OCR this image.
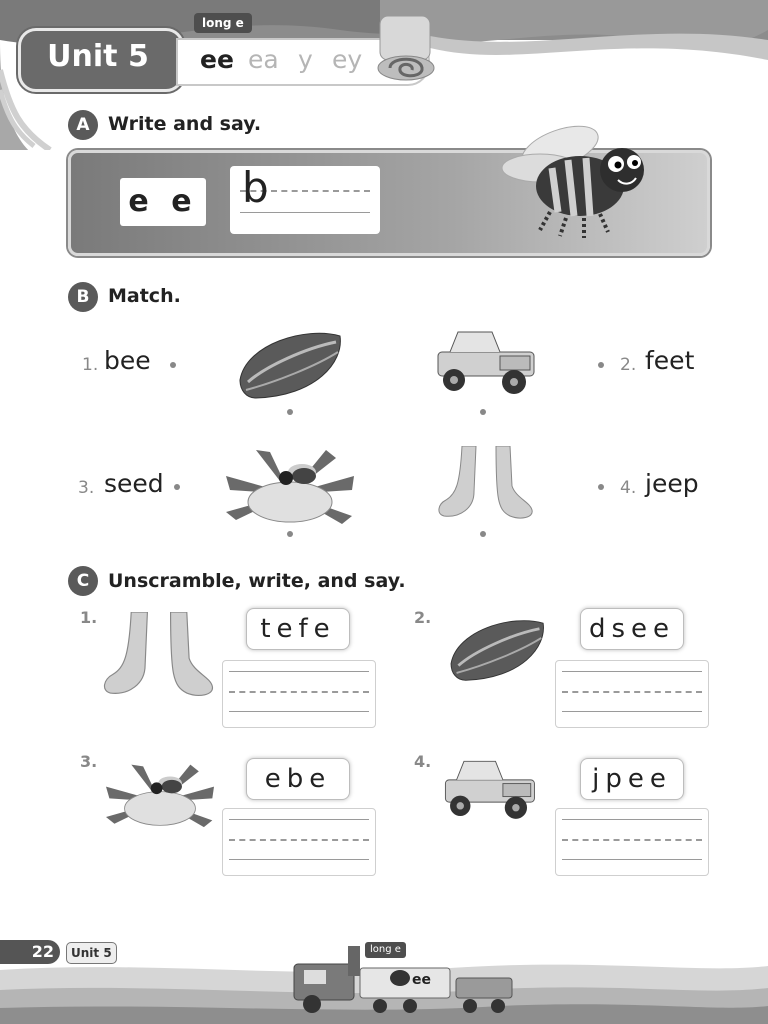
Unit 5
long e
ee ea y ey
A Write and say.
e e b
B Match.
1. bee
3. seed
2. feet
4. jeep
C Unscramble, write, and say.
1.	tefe	2.	dsee
3.
ebe
4.
jpee
22	Unit 5	long e
ee
